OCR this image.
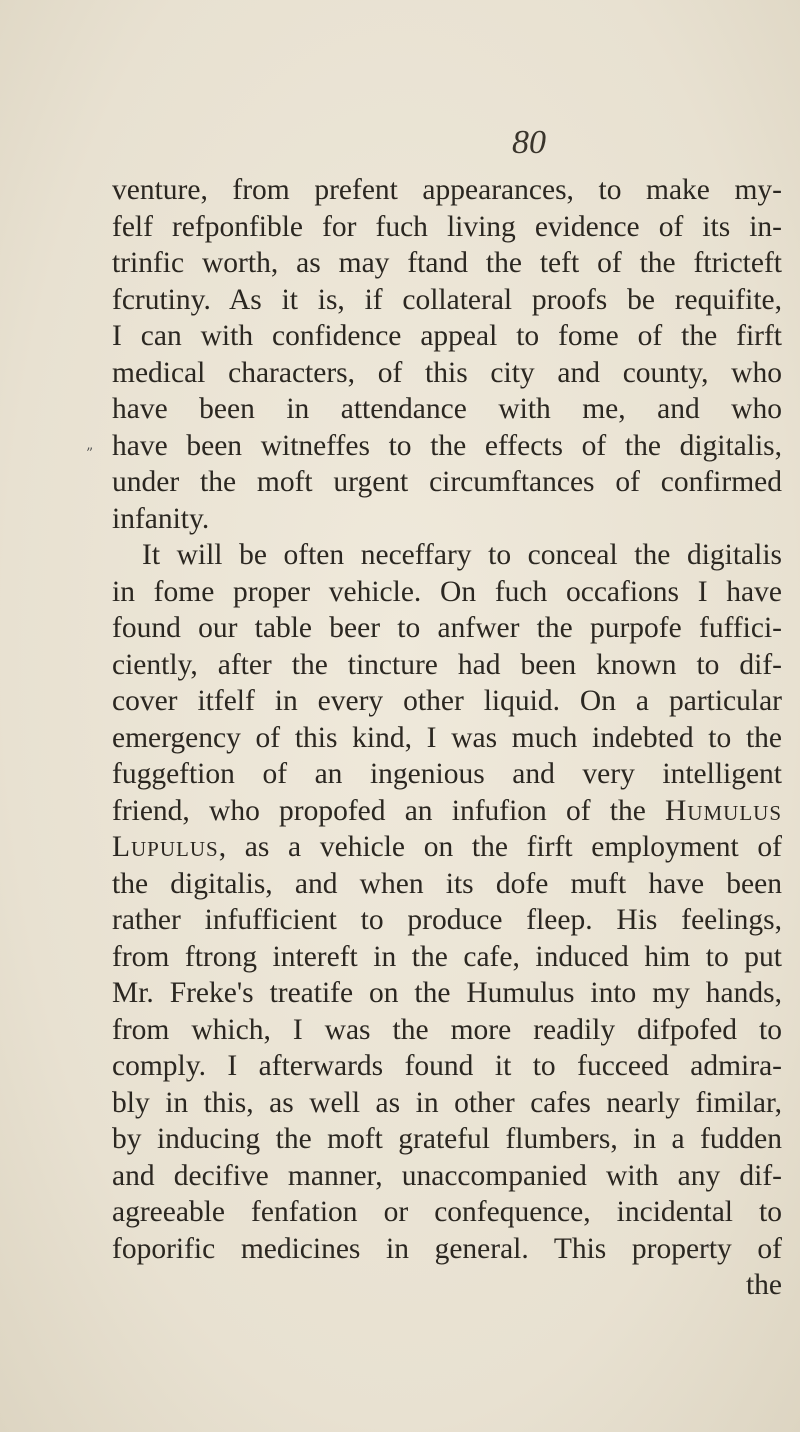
80
”
venture, from prefent appearances, to make my-
felf refponfible for fuch living evidence of its in-
trinfic worth, as may ftand the teft of the ftricteft
fcrutiny. As it is, if collateral proofs be requifite,
I can with confidence appeal to fome of the firft
medical characters, of this city and county, who
have been in attendance with me, and who
have been witneffes to the effects of the digitalis,
under the moft urgent circumftances of confirmed
infanity.
It will be often neceffary to conceal the digitalis
in fome proper vehicle. On fuch occafions I have
found our table beer to anfwer the purpofe fuffici-
ciently, after the tincture had been known to dif-
cover itfelf in every other liquid. On a particular
emergency of this kind, I was much indebted to the
fuggeftion of an ingenious and very intelligent
friend, who propofed an infufion of the Humulus
Lupulus, as a vehicle on the firft employment of
the digitalis, and when its dofe muft have been
rather infufficient to produce fleep. His feelings,
from ftrong intereft in the cafe, induced him to put
Mr. Freke's treatife on the Humulus into my hands,
from which, I was the more readily difpofed to
comply. I afterwards found it to fucceed admira-
bly in this, as well as in other cafes nearly fimilar,
by inducing the moft grateful flumbers, in a fudden
and decifive manner, unaccompanied with any dif-
agreeable fenfation or confequence, incidental to
foporific medicines in general. This property of
the
